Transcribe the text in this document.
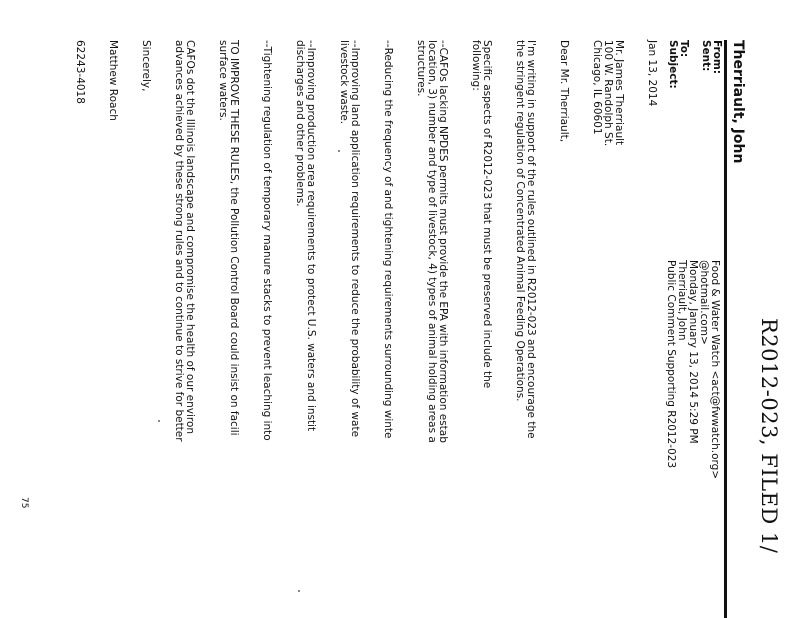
R2012-023, FILED 1/
Therriault, John
From:
Sent:
To:
Subject:
Food & Water Watch <act@fwwatch.org>
@hotmail.com>
Monday, January 13, 2014 5:29 PM
Therriault, John
Public Comment Supporting R2012-023
Jan 13, 2014
Mr. James Therriault
100 W. Randolph St.
Chicago, IL 60601
Dear Mr. Therriault,
I'm writing in support of the rules outlined in R2012-023 and encourage the
the stringent regulation of Concentrated Animal Feeding Operations.
Specific aspects of R2012-023 that must be preserved include the
following:
--CAFOs lacking NPDES permits must provide the EPA with information estab
location, 3) number and type of livestock, 4) types of animal holding areas a
structures.
--Reducing the frequency of and tightening requirements surrounding winte
--Improving land application requirements to reduce the probability of wate
livestock waste.
--Improving production area requirements to protect U.S. waters and instit
discharges and other problems.
--Tightening regulation of temporary manure stacks to prevent leaching into
TO IMPROVE THESE RULES, the Pollution Control Board could insist on facili
surface waters.
CAFOs dot the Illinois landscape and compromise the health of our environ
advances achieved by these strong rules and to continue to strive for better
Sincerely,
Matthew Roach
62243-4018
75
